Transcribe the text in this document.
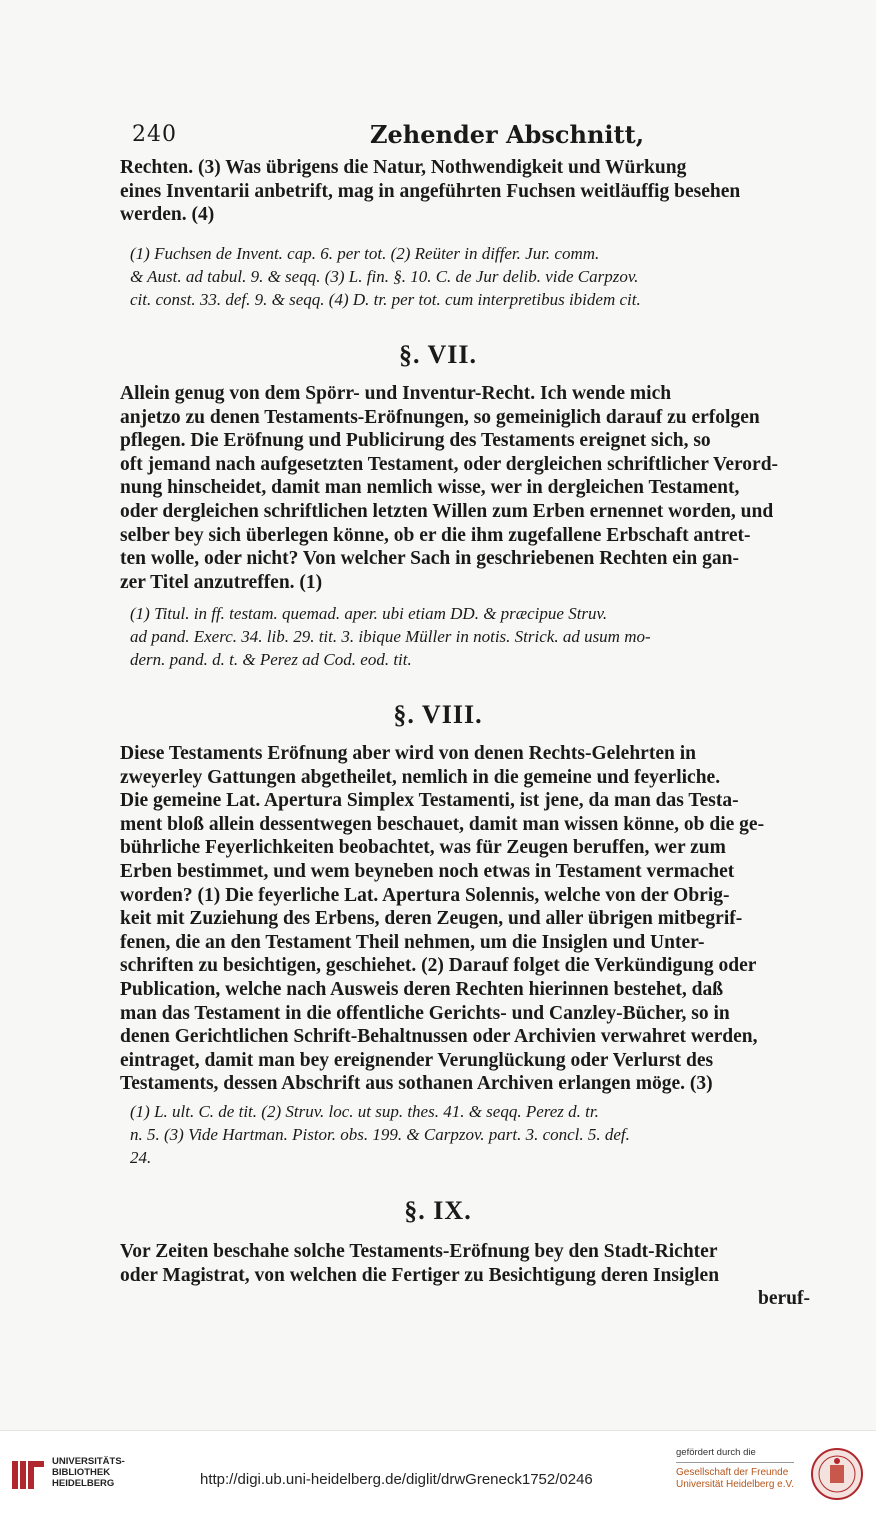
240	Zehender Abschnitt,
Rechten. (3) Was übrigens die Natur, Nothwendigkeit und Würkung
eines Inventarii anbetrift, mag in angeführten Fuchsen weitläuffig besehen
werden. (4)
(1) Fuchsen de Invent. cap. 6. per tot. (2) Reüter in differ. Jur. comm.
& Aust. ad tabul. 9. & seqq. (3) L. fin. §. 10. C. de Jur delib. vide Carpzov.
cit. const. 33. def. 9. & seqq. (4) D. tr. per tot. cum interpretibus ibidem cit.
§. VII.
Allein genug von dem Spörr- und Inventur-Recht. Ich wende mich
anjetzo zu denen Testaments-Eröfnungen, so gemeiniglich darauf zu erfolgen
pflegen. Die Eröfnung und Publicirung des Testaments ereignet sich, so
oft jemand nach aufgesetzten Testament, oder dergleichen schriftlicher Verord-
nung hinscheidet, damit man nemlich wisse, wer in dergleichen Testament,
oder dergleichen schriftlichen letzten Willen zum Erben ernennet worden, und
selber bey sich überlegen könne, ob er die ihm zugefallene Erbschaft antret-
ten wolle, oder nicht? Von welcher Sach in geschriebenen Rechten ein gan-
zer Titel anzutreffen. (1)
(1) Titul. in ff. testam. quemad. aper. ubi etiam DD. & præcipue Struv.
ad pand. Exerc. 34. lib. 29. tit. 3. ibique Müller in notis. Strick. ad usum mo-
dern. pand. d. t. & Perez ad Cod. eod. tit.
§. VIII.
Diese Testaments Eröfnung aber wird von denen Rechts-Gelehrten in
zweyerley Gattungen abgetheilet, nemlich in die gemeine und feyerliche.
Die gemeine Lat. Apertura Simplex Testamenti, ist jene, da man das Testa-
ment bloß allein dessentwegen beschauet, damit man wissen könne, ob die ge-
bührliche Feyerlichkeiten beobachtet, was für Zeugen beruffen, wer zum
Erben bestimmet, und wem beyneben noch etwas in Testament vermachet
worden? (1) Die feyerliche Lat. Apertura Solennis, welche von der Obrig-
keit mit Zuziehung des Erbens, deren Zeugen, und aller übrigen mitbegrif-
fenen, die an den Testament Theil nehmen, um die Insiglen und Unter-
schriften zu besichtigen, geschiehet. (2) Darauf folget die Verkündigung oder
Publication, welche nach Ausweis deren Rechten hierinnen bestehet, daß
man das Testament in die offentliche Gerichts- und Canzley-Bücher, so in
denen Gerichtlichen Schrift-Behaltnussen oder Archivien verwahret werden,
eintraget, damit man bey ereignender Verunglückung oder Verlurst des
Testaments, dessen Abschrift aus sothanen Archiven erlangen möge. (3)
(1) L. ult. C. de tit. (2) Struv. loc. ut sup. thes. 41. & seqq. Perez d. tr.
n. 5. (3) Vide Hartman. Pistor. obs. 199. & Carpzov. part. 3. concl. 5. def.
24.
§. IX.
Vor Zeiten beschahe solche Testaments-Eröfnung bey den Stadt-Richter
oder Magistrat, von welchen die Fertiger zu Besichtigung deren Insiglen
beruf-
UNIVERSITÄTS-
BIBLIOTHEK
HEIDELBERG	http://digi.ub.uni-heidelberg.de/diglit/drwGreneck1752/0246
gefördert durch die
Gesellschaft der Freunde
Universität Heidelberg e.V.
